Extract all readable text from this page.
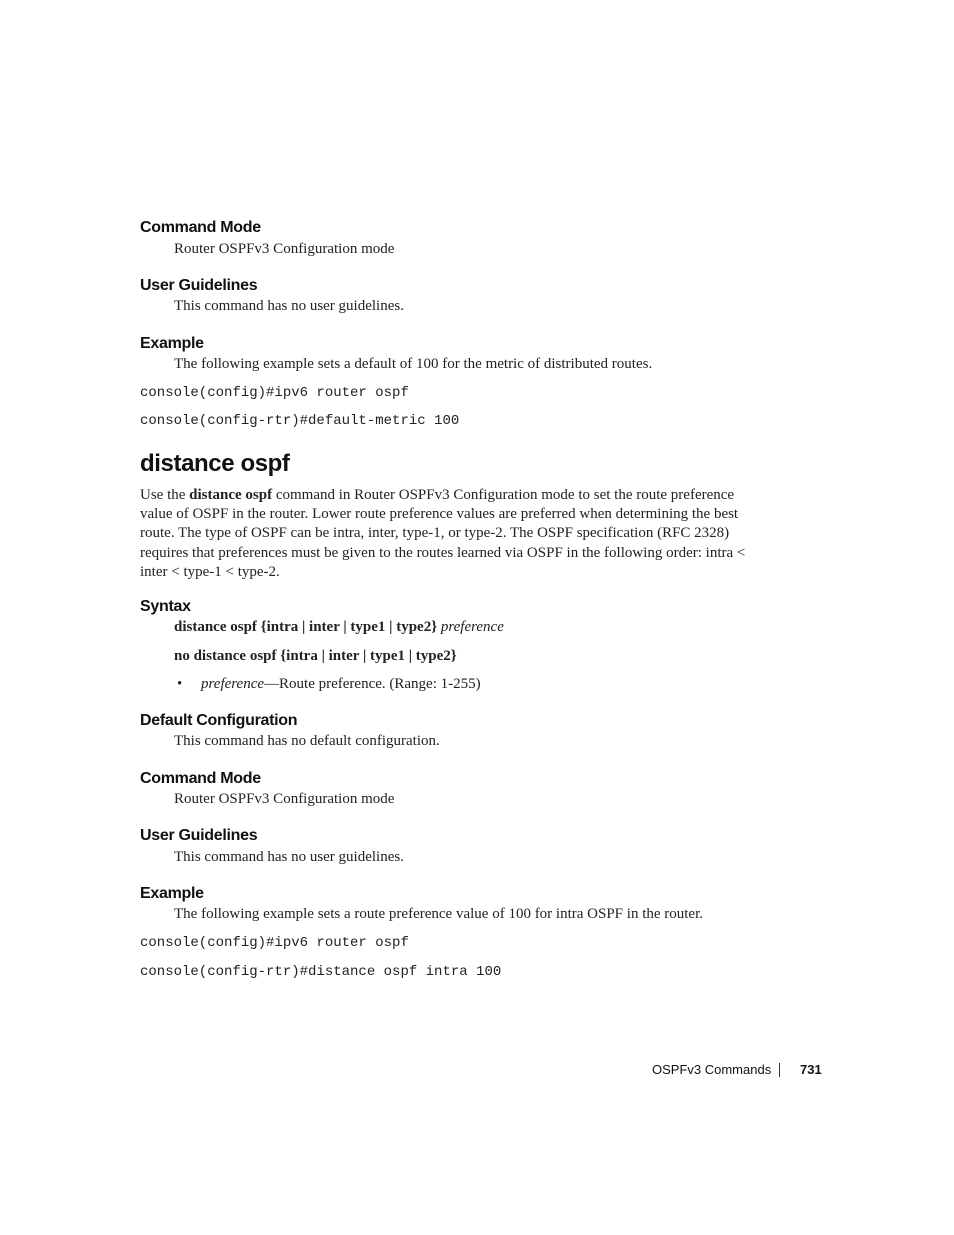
Command Mode
Router OSPFv3 Configuration mode
User Guidelines
This command has no user guidelines.
Example
The following example sets a default of 100 for the metric of distributed routes.
console(config)#ipv6 router ospf
console(config-rtr)#default-metric 100
distance ospf
Use the distance ospf command in Router OSPFv3 Configuration mode to set the route preference value of OSPF in the router. Lower route preference values are preferred when determining the best route. The type of OSPF can be intra, inter, type-1, or type-2. The OSPF specification (RFC 2328) requires that preferences must be given to the routes learned via OSPF in the following order: intra < inter < type-1 < type-2.
Syntax
distance ospf {intra | inter | type1 | type2} preference
no distance ospf {intra | inter | type1 | type2}
• preference—Route preference. (Range: 1-255)
Default Configuration
This command has no default configuration.
Command Mode
Router OSPFv3 Configuration mode
User Guidelines
This command has no user guidelines.
Example
The following example sets a route preference value of 100 for intra OSPF in the router.
console(config)#ipv6 router ospf
console(config-rtr)#distance ospf intra 100
OSPFv3 Commands 731
